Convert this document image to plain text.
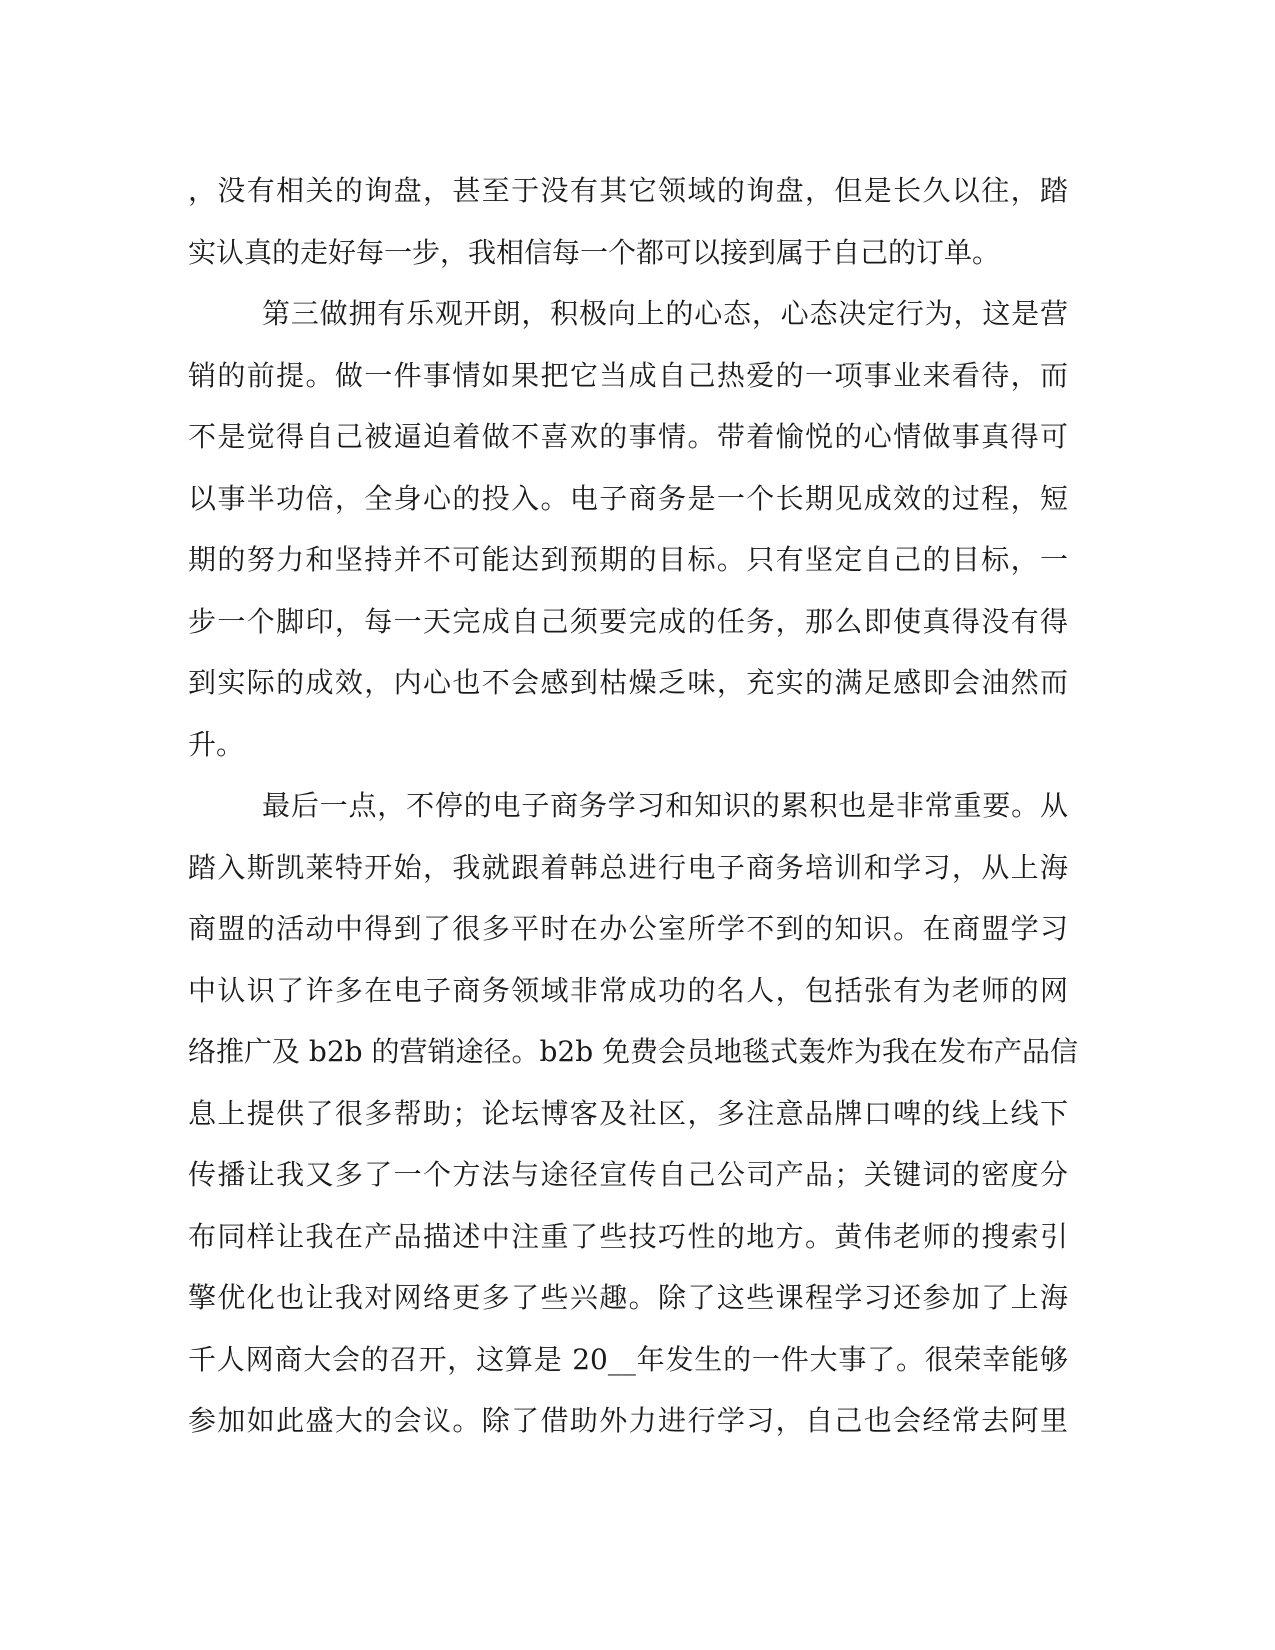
，没有相关的询盘，甚至于没有其它领域的询盘，但是长久以往，踏
实认真的走好每一步，我相信每一个都可以接到属于自己的订单。
第三做拥有乐观开朗，积极向上的心态，心态决定行为，这是营
销的前提。做一件事情如果把它当成自己热爱的一项事业来看待，而
不是觉得自己被逼迫着做不喜欢的事情。带着愉悦的心情做事真得可
以事半功倍，全身心的投入。电子商务是一个长期见成效的过程，短
期的努力和坚持并不可能达到预期的目标。只有坚定自己的目标，一
步一个脚印，每一天完成自己须要完成的任务，那么即使真得没有得
到实际的成效，内心也不会感到枯燥乏味，充实的满足感即会油然而
升。
最后一点，不停的电子商务学习和知识的累积也是非常重要。从
踏入斯凯莱特开始，我就跟着韩总进行电子商务培训和学习，从上海
商盟的活动中得到了很多平时在办公室所学不到的知识。在商盟学习
中认识了许多在电子商务领域非常成功的名人，包括张有为老师的网
络推广及 b2b 的营销途径。b2b 免费会员地毯式轰炸为我在发布产品信
息上提供了很多帮助；论坛博客及社区，多注意品牌口啤的线上线下
传播让我又多了一个方法与途径宣传自己公司产品；关键词的密度分
布同样让我在产品描述中注重了些技巧性的地方。黄伟老师的搜索引
擎优化也让我对网络更多了些兴趣。除了这些课程学习还参加了上海
千人网商大会的召开，这算是 20__年发生的一件大事了。很荣幸能够
参加如此盛大的会议。除了借助外力进行学习，自己也会经常去阿里
